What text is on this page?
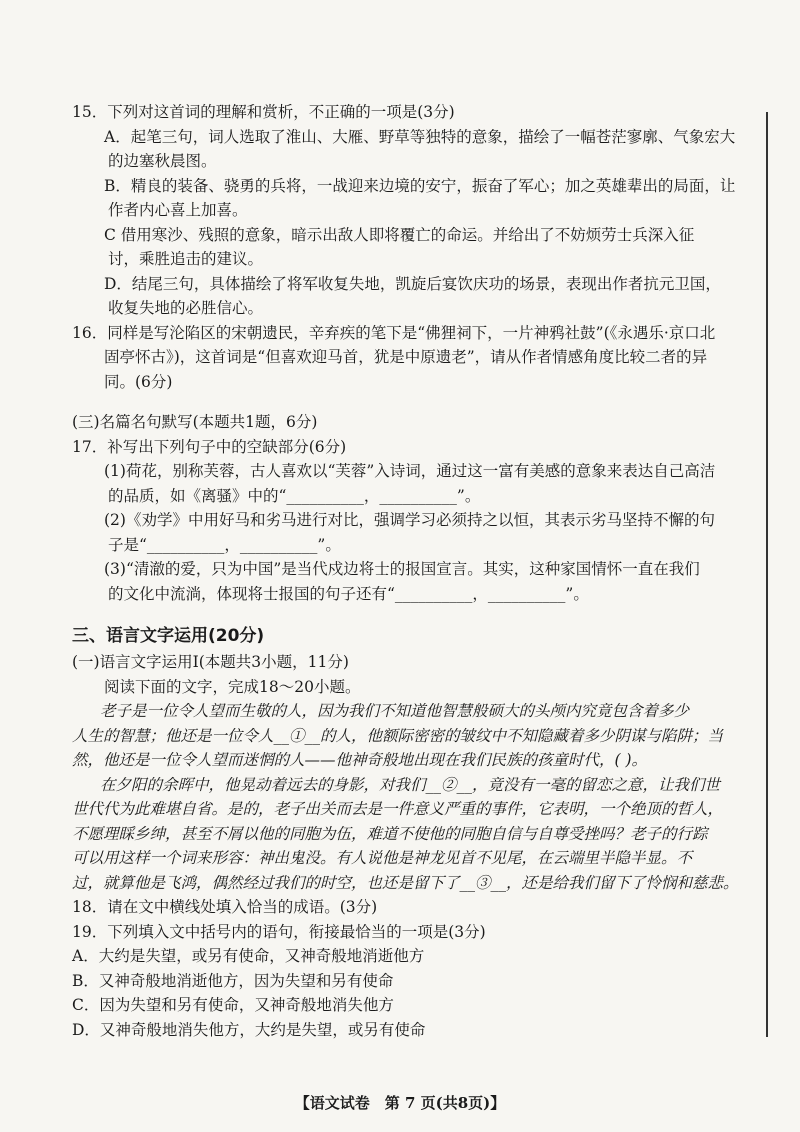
15．下列对这首词的理解和赏析，不正确的一项是(3分)
A．起笔三句，词人选取了淮山、大雁、野草等独特的意象，描绘了一幅苍茫寥廓、气象宏大
的边塞秋晨图。
B．精良的装备、骁勇的兵将，一战迎来边境的安宁，振奋了军心；加之英雄辈出的局面，让
作者内心喜上加喜。
C 借用寒沙、残照的意象，暗示出敌人即将覆亡的命运。并给出了不妨烦劳士兵深入征
讨，乘胜追击的建议。
D．结尾三句，具体描绘了将军收复失地，凯旋后宴饮庆功的场景，表现出作者抗元卫国，
收复失地的必胜信心。
16．同样是写沦陷区的宋朝遗民，辛弃疾的笔下是“佛狸祠下，一片神鸦社鼓”(《永遇乐·京口北
固亭怀古》)，这首词是“但喜欢迎马首，犹是中原遗老”，请从作者情感角度比较二者的异
同。(6分)
(三)名篇名句默写(本题共1题，6分)
17．补写出下列句子中的空缺部分(6分)
(1)荷花，别称芙蓉，古人喜欢以“芙蓉”入诗词，通过这一富有美感的意象来表达自己高洁
的品质，如《离骚》中的“__________，__________”。
(2)《劝学》中用好马和劣马进行对比，强调学习必须持之以恒，其表示劣马坚持不懈的句
子是“__________，__________”。
(3)“清澈的爱，只为中国”是当代戍边将士的报国宣言。其实，这种家国情怀一直在我们
的文化中流淌，体现将士报国的句子还有“__________，__________”。
三、语言文字运用(20分)
(一)语言文字运用Ⅰ(本题共3小题，11分)
阅读下面的文字，完成18～20小题。
老子是一位令人望而生敬的人，因为我们不知道他智慧般硕大的头颅内究竟包含着多少
人生的智慧；他还是一位令人__①__的人，他额际密密的皱纹中不知隐藏着多少阴谋与陷阱；当
然，他还是一位令人望而迷惘的人——他神奇般地出现在我们民族的孩童时代，( )。
在夕阳的余晖中，他晃动着远去的身影，对我们__②__，竟没有一毫的留恋之意，让我们世
世代代为此难堪自省。是的，老子出关而去是一件意义严重的事件，它表明，一个绝顶的哲人，
不愿理睬乡绅，甚至不屑以他的同胞为伍，难道不使他的同胞自信与自尊受挫吗？老子的行踪
可以用这样一个词来形容：神出鬼没。有人说他是神龙见首不见尾，在云端里半隐半显。不
过，就算他是飞鸿，偶然经过我们的时空，也还是留下了__③__，还是给我们留下了怜悯和慈悲。
18．请在文中横线处填入恰当的成语。(3分)
19．下列填入文中括号内的语句，衔接最恰当的一项是(3分)
A．大约是失望，或另有使命，又神奇般地消逝他方
B．又神奇般地消逝他方，因为失望和另有使命
C．因为失望和另有使命，又神奇般地消失他方
D．又神奇般地消失他方，大约是失望，或另有使命
【语文试卷　第 7 页(共8页)】
